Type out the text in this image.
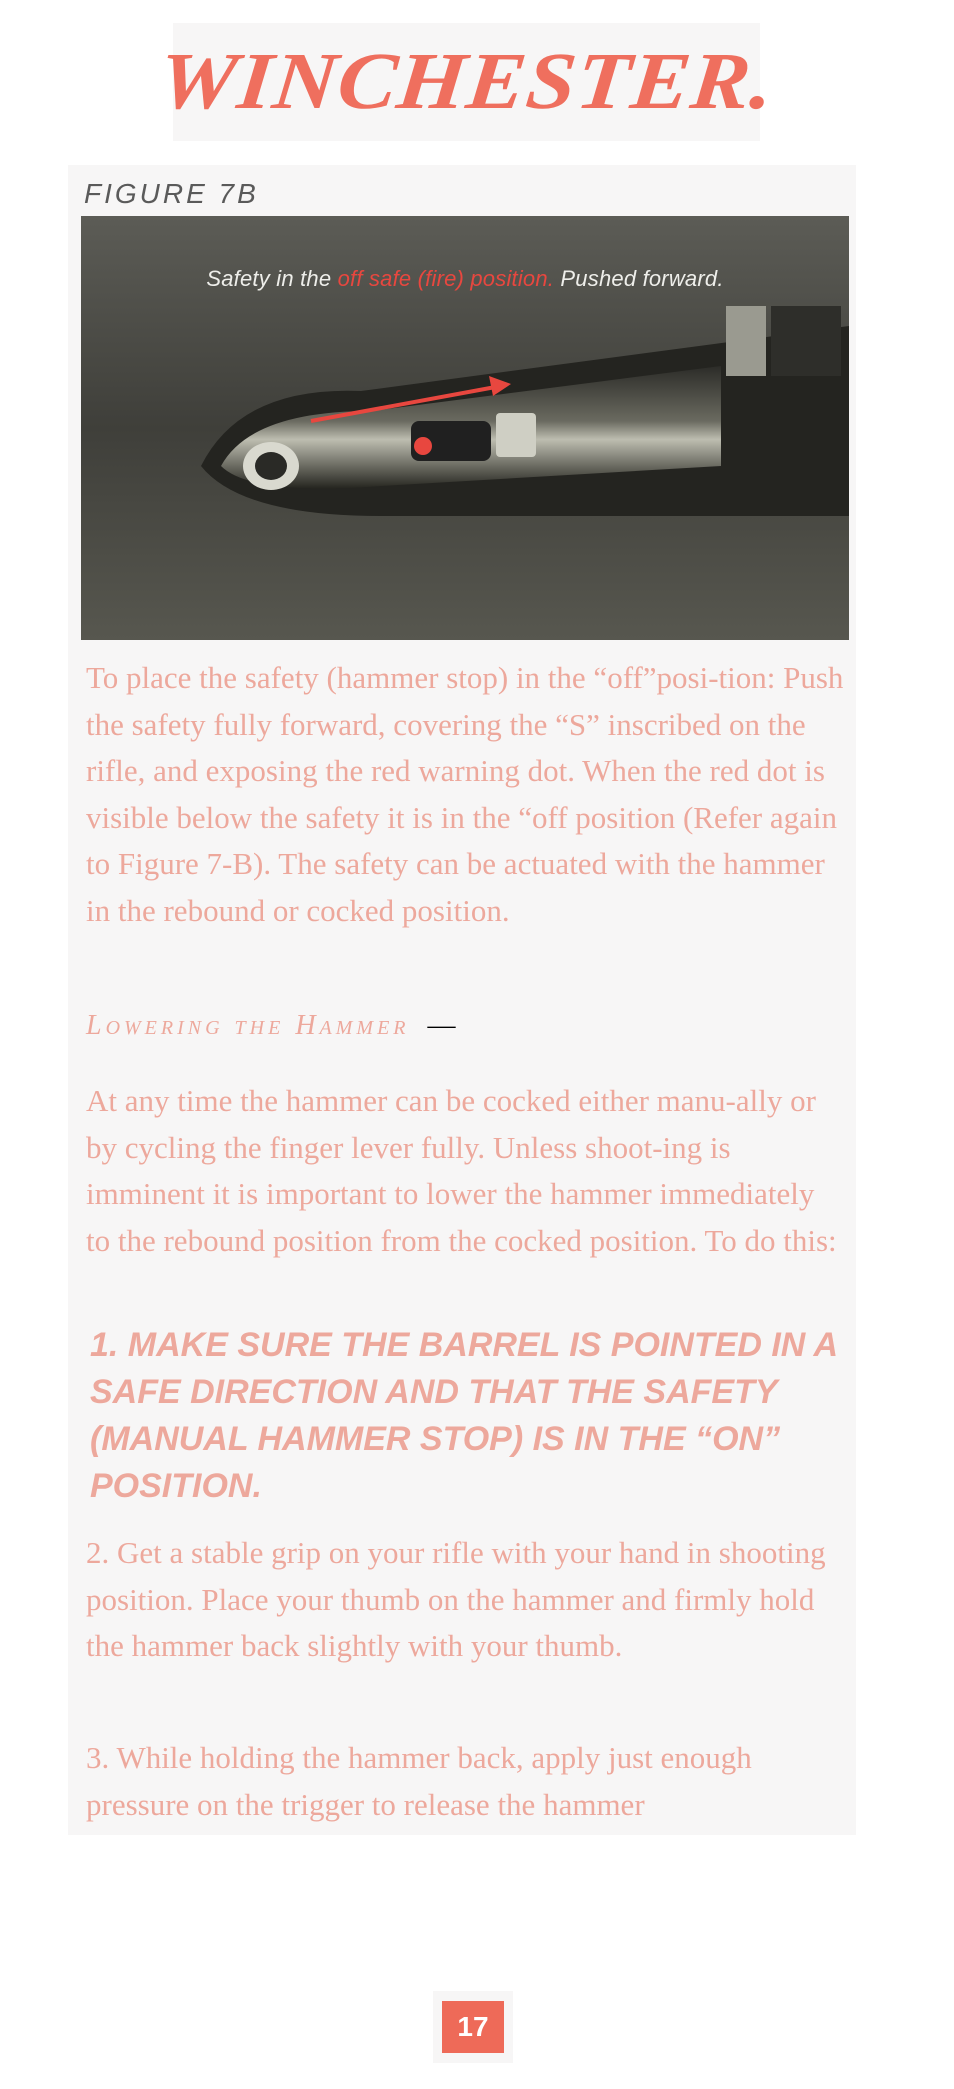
WINCHESTER.
FIGURE 7B
Safety in the off safe (fire) position. Pushed forward.
To place the safety (hammer stop) in the “off”posi-tion: Push the safety fully forward, covering the “S” inscribed on the rifle, and exposing the red warning dot. When the red dot is visible below the safety it is in the “off position (Refer again to Figure 7-B). The safety can be actuated with the hammer in the rebound or cocked position.
Lowering the Hammer —
At any time the hammer can be cocked either manu-ally or by cycling the finger lever fully. Unless shoot-ing is imminent it is important to lower the hammer immediately to the rebound position from the cocked position. To do this:
1. MAKE SURE THE BARREL IS POINTED IN A SAFE DIRECTION AND THAT THE SAFETY (MANUAL HAMMER STOP) IS IN THE “ON” POSITION.
2. Get a stable grip on your rifle with your hand in shooting position. Place your thumb on the hammer and firmly hold the hammer back slightly with your thumb.
3. While holding the hammer back, apply just enough pressure on the trigger to release the hammer
17
